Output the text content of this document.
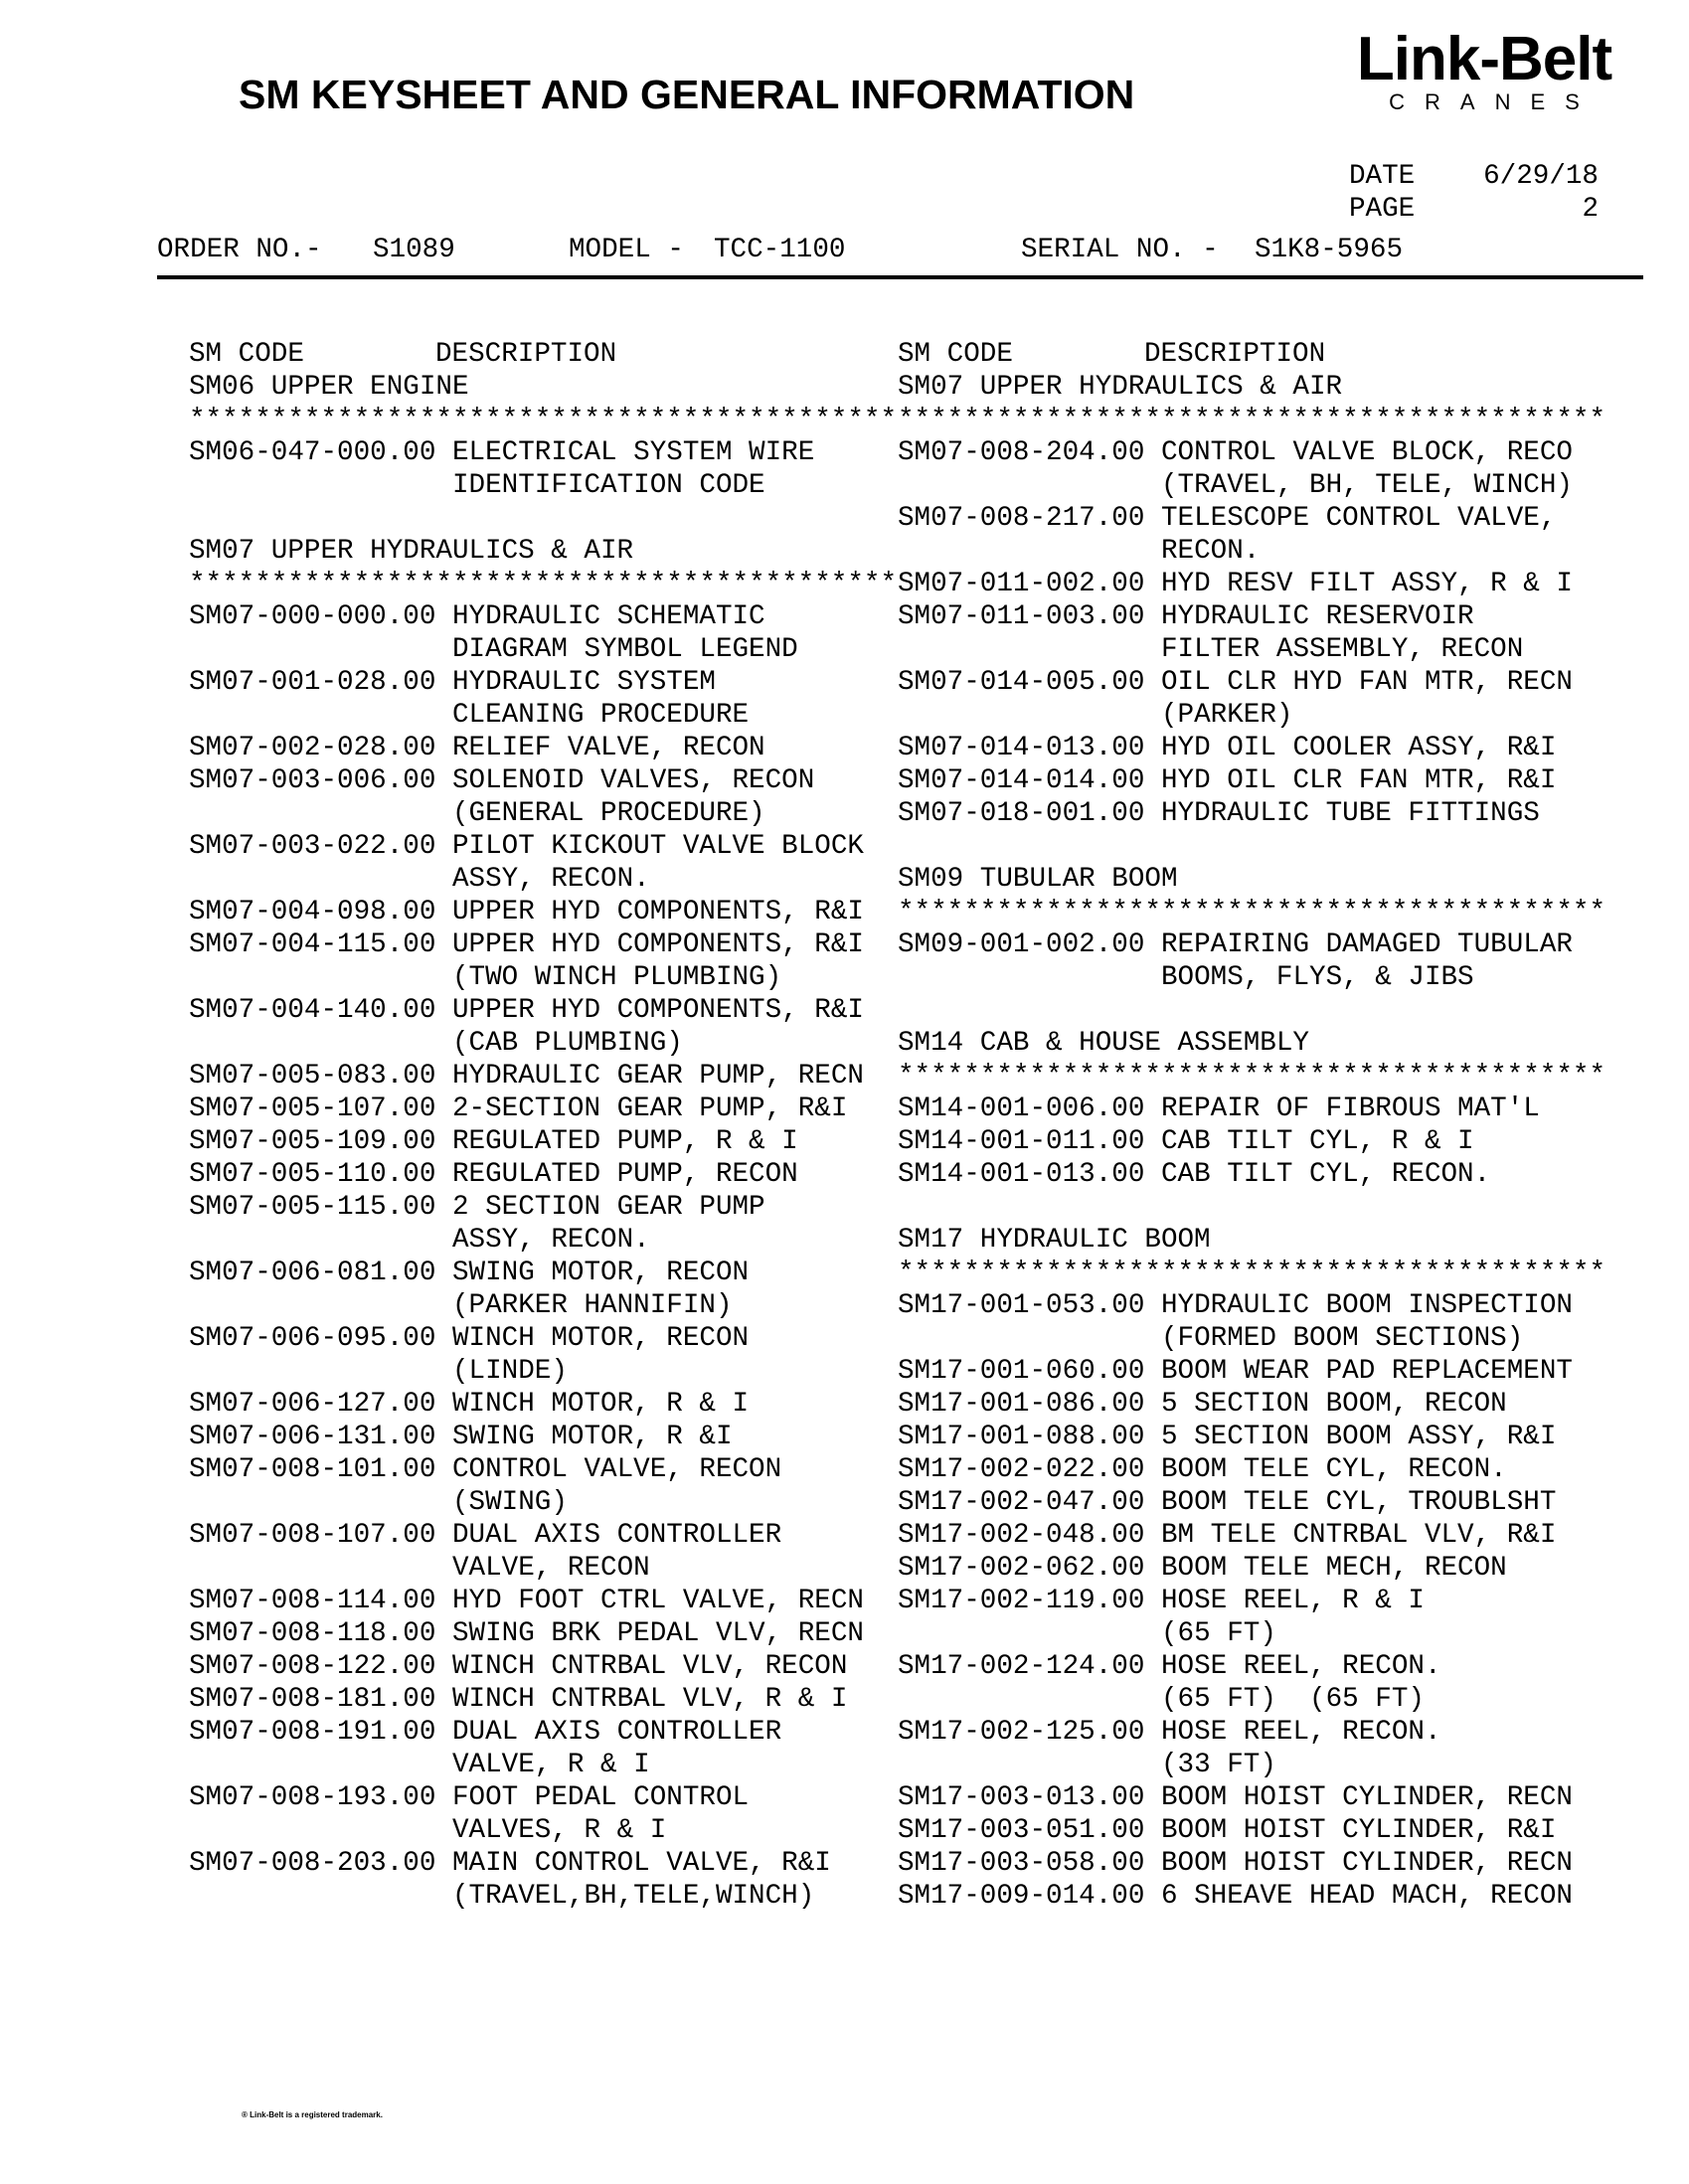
SM KEYSHEET AND GENERAL INFORMATION
Link-Belt
CRANES
DATE 6/29/18
PAGE	2
ORDER NO.- S1089	MODEL - TCC-1100	SERIAL NO. - S1K8-5965
SM CODE	DESCRIPTION
SM06 UPPER ENGINE
*******************************************
SM06-047-000.00 ELECTRICAL SYSTEM WIRE
IDENTIFICATION CODE
SM07 UPPER HYDRAULICS & AIR
*******************************************
SM07-000-000.00 HYDRAULIC SCHEMATIC
DIAGRAM SYMBOL LEGEND
SM07-001-028.00 HYDRAULIC SYSTEM
CLEANING PROCEDURE
SM07-002-028.00 RELIEF VALVE, RECON
SM07-003-006.00 SOLENOID VALVES, RECON
(GENERAL PROCEDURE)
SM07-003-022.00 PILOT KICKOUT VALVE BLOCK
ASSY, RECON.
SM07-004-098.00 UPPER HYD COMPONENTS, R&I
SM07-004-115.00 UPPER HYD COMPONENTS, R&I
(TWO WINCH PLUMBING)
SM07-004-140.00 UPPER HYD COMPONENTS, R&I
(CAB PLUMBING)
SM07-005-083.00 HYDRAULIC GEAR PUMP, RECN
SM07-005-107.00 2-SECTION GEAR PUMP, R&I
SM07-005-109.00 REGULATED PUMP, R & I
SM07-005-110.00 REGULATED PUMP, RECON
SM07-005-115.00 2 SECTION GEAR PUMP
ASSY, RECON.
SM07-006-081.00 SWING MOTOR, RECON
(PARKER HANNIFIN)
SM07-006-095.00 WINCH MOTOR, RECON
(LINDE)
SM07-006-127.00 WINCH MOTOR, R & I
SM07-006-131.00 SWING MOTOR, R &I
SM07-008-101.00 CONTROL VALVE, RECON
(SWING)
SM07-008-107.00 DUAL AXIS CONTROLLER
VALVE, RECON
SM07-008-114.00 HYD FOOT CTRL VALVE, RECN
SM07-008-118.00 SWING BRK PEDAL VLV, RECN
SM07-008-122.00 WINCH CNTRBAL VLV, RECON
SM07-008-181.00 WINCH CNTRBAL VLV, R & I
SM07-008-191.00 DUAL AXIS CONTROLLER
VALVE, R & I
SM07-008-193.00 FOOT PEDAL CONTROL
VALVES, R & I
SM07-008-203.00 MAIN CONTROL VALVE, R&I
(TRAVEL,BH,TELE,WINCH)
SM CODE	DESCRIPTION
SM07 UPPER HYDRAULICS & AIR
*******************************************
SM07-008-204.00 CONTROL VALVE BLOCK, RECO
(TRAVEL, BH, TELE, WINCH)
SM07-008-217.00 TELESCOPE CONTROL VALVE,
RECON.
SM07-011-002.00 HYD RESV FILT ASSY, R & I
SM07-011-003.00 HYDRAULIC RESERVOIR
FILTER ASSEMBLY, RECON
SM07-014-005.00 OIL CLR HYD FAN MTR, RECN
(PARKER)
SM07-014-013.00 HYD OIL COOLER ASSY, R&I
SM07-014-014.00 HYD OIL CLR FAN MTR, R&I
SM07-018-001.00 HYDRAULIC TUBE FITTINGS
SM09 TUBULAR BOOM
*******************************************
SM09-001-002.00 REPAIRING DAMAGED TUBULAR
BOOMS, FLYS, & JIBS
SM14 CAB & HOUSE ASSEMBLY
*******************************************
SM14-001-006.00 REPAIR OF FIBROUS MAT'L
SM14-001-011.00 CAB TILT CYL, R & I
SM14-001-013.00 CAB TILT CYL, RECON.
SM17 HYDRAULIC BOOM
*******************************************
SM17-001-053.00 HYDRAULIC BOOM INSPECTION
(FORMED BOOM SECTIONS)
SM17-001-060.00 BOOM WEAR PAD REPLACEMENT
SM17-001-086.00 5 SECTION BOOM, RECON
SM17-001-088.00 5 SECTION BOOM ASSY, R&I
SM17-002-022.00 BOOM TELE CYL, RECON.
SM17-002-047.00 BOOM TELE CYL, TROUBLSHT
SM17-002-048.00 BM TELE CNTRBAL VLV, R&I
SM17-002-062.00 BOOM TELE MECH, RECON
SM17-002-119.00 HOSE REEL, R & I
(65 FT)
SM17-002-124.00 HOSE REEL, RECON.
(65 FT)  (65 FT)
SM17-002-125.00 HOSE REEL, RECON.
(33 FT)
SM17-003-013.00 BOOM HOIST CYLINDER, RECN
SM17-003-051.00 BOOM HOIST CYLINDER, R&I
SM17-003-058.00 BOOM HOIST CYLINDER, RECN
SM17-009-014.00 6 SHEAVE HEAD MACH, RECON
® Link-Belt is a registered trademark.
